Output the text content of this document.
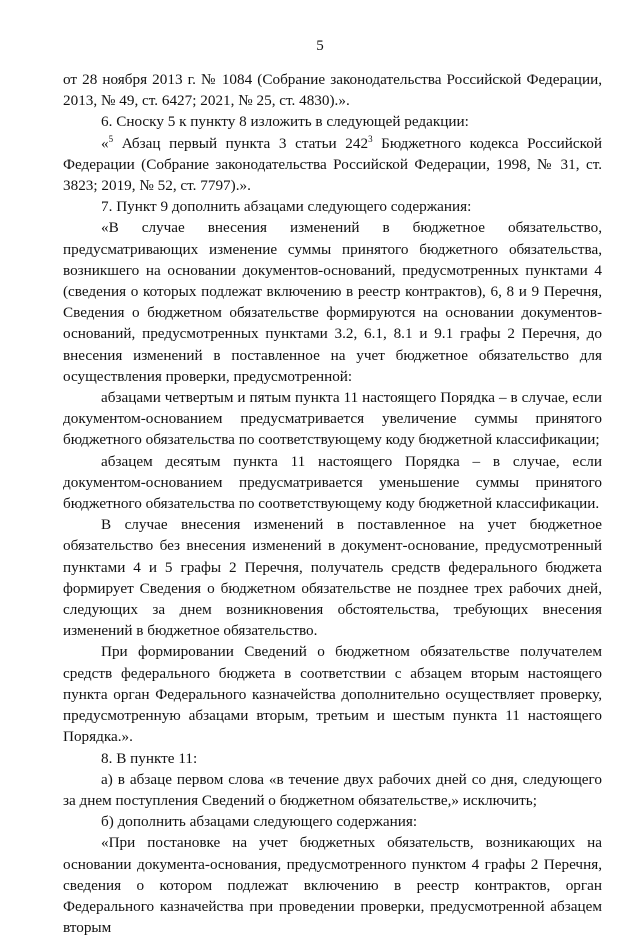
5

от 28 ноября 2013 г. № 1084 (Собрание законодательства Российской Федерации, 2013, № 49, ст. 6427; 2021, № 25, ст. 4830).».

6. Сноску 5 к пункту 8 изложить в следующей редакции:

«$^5$ Абзац первый пункта 3 статьи $242^3$ Бюджетного кодекса Российской Федерации (Собрание законодательства Российской Федерации, 1998, № 31, ст. 3823; 2019, № 52, ст. 7797).».

7. Пункт 9 дополнить абзацами следующего содержания:

«В случае внесения изменений в бюджетное обязательство, предусматривающих изменение суммы принятого бюджетного обязательства, возникшего на основании документов-оснований, предусмотренных пунктами 4 (сведения о которых подлежат включению в реестр контрактов), 6, 8 и 9 Перечня, Сведения о бюджетном обязательстве формируются на основании документов-оснований, предусмотренных пунктами 3.2, 6.1, 8.1 и 9.1 графы 2 Перечня, до внесения изменений в поставленное на учет бюджетное обязательство для осуществления проверки, предусмотренной:

абзацами четвертым и пятым пункта 11 настоящего Порядка – в случае, если документом-основанием предусматривается увеличение суммы принятого бюджетного обязательства по соответствующему коду бюджетной классификации;

абзацем десятым пункта 11 настоящего Порядка – в случае, если документом-основанием предусматривается уменьшение суммы принятого бюджетного обязательства по соответствующему коду бюджетной классификации.

В случае внесения изменений в поставленное на учет бюджетное обязательство без внесения изменений в документ-основание, предусмотренный пунктами 4 и 5 графы 2 Перечня, получатель средств федерального бюджета формирует Сведения о бюджетном обязательстве не позднее трех рабочих дней, следующих за днем возникновения обстоятельства, требующих внесения изменений в бюджетное обязательство.

При формировании Сведений о бюджетном обязательстве получателем средств федерального бюджета в соответствии с абзацем вторым настоящего пункта орган Федерального казначейства дополнительно осуществляет проверку, предусмотренную абзацами вторым, третьим и шестым пункта 11 настоящего Порядка.».

8. В пункте 11:

а) в абзаце первом слова «в течение двух рабочих дней со дня, следующего за днем поступления Сведений о бюджетном обязательстве,» исключить;

б) дополнить абзацами следующего содержания:

«При постановке на учет бюджетных обязательств, возникающих на основании документа-основания, предусмотренного пунктом 4 графы 2 Перечня, сведения о котором подлежат включению в реестр контрактов, орган Федерального казначейства при проведении проверки, предусмотренной абзацем вторым
